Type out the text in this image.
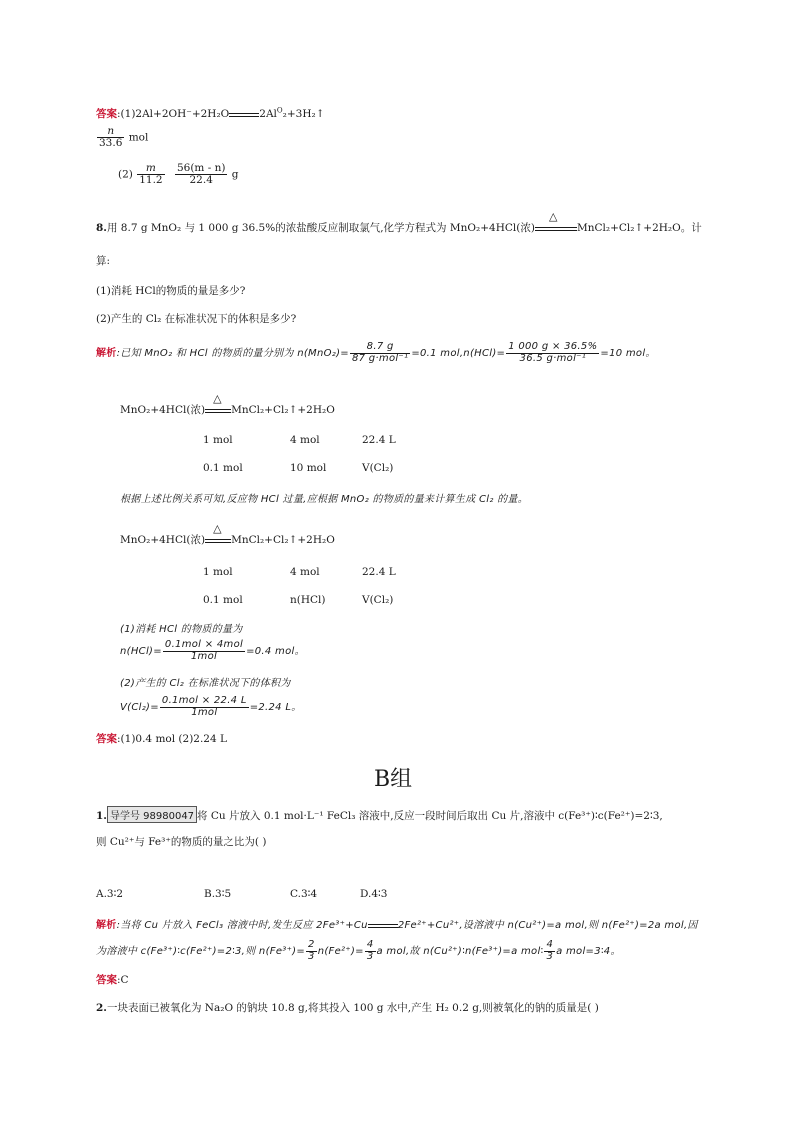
答案:(1)2Al+2OH⁻+2H₂O	$2Al^O_2+3H_2↑$
$\frac{n}{33.6}$ mol
$(2) \frac{m}{11.2}$
$\frac{56(m - n)}{22.4}$ g
8.用 8.7 g MnO₂ 与 1 000 g 36.5%的浓盐酸反应制取氯气,化学方程式为 MnO₂+4HCl(浓)
△
MnCl₂+Cl₂↑+2H₂O。计
算:
(1)消耗 HCl的物质的量是多少?
(2)产生的 Cl₂ 在标准状况下的体积是多少?
解析:已知 MnO₂ 和 HCl 的物质的量分别为 $n(MnO_2)= \frac{8.7 g}{\text{87 g·mol⁻¹}} =0.1$ $mol,n(HCl)= \frac{1 000 g \times 36.5\%}{\text{36.5 g·mol⁻¹}} =10$ mol。
MnO₂+4HCl(浓)
△
MnCl₂+Cl₂↑+2H₂O
1 mol	4 mol	22.4 L
0.1 mol	10 mol	V(Cl₂)
根据上述比例关系可知,反应物 HCl 过量,应根据 MnO₂ 的物质的量来计算生成 Cl₂ 的量。
MnO₂+4HCl(浓)
△
MnCl₂+Cl₂↑+2H₂O
1 mol	4 mol	22.4 L
0.1 mol	n(HCl)	V(Cl₂)
(1)消耗 HCl 的物质的量为
$n(HCl)= \frac{\text{0.1mol × 4mol}}{\text{1mol}} =0.4$ mol。
(2)产生的 Cl₂ 在标准状况下的体积为
$V(Cl_2)= \frac{\text{0.1mol × 22.4 L}}{\text{1mol}} =2.24$ L。
答案:(1)0.4 mol (2)2.24 L
B组
1. 导学号 98980047 将 Cu 片放入 0.1 mol·L⁻¹ FeCl₃ 溶液中,反应一段时间后取出 Cu 片,溶液中 c(Fe³⁺)∶c(Fe²⁺)=2∶3,
则 Cu²⁺与 Fe³⁺的物质的量之比为( )
A.3∶2	B.3∶5	C.3∶4	D.4∶3
解析:当将 Cu 片放入 FeCl₃ 溶液中时,发生反应 2Fe³⁺+Cu	2Fe²⁺+Cu²⁺,设溶液中 n(Cu²⁺)=a mol,则 n(Fe²⁺)=2a mol,因
为溶液中 c(Fe³⁺)∶c(Fe²⁺)=2∶3,则 $n(Fe^{3+})= \frac{2}{3} n(Fe^{2+})= \frac{4}{3}$ a mol,故 n(Cu²⁺)∶n(Fe³⁺)=a mol∶ $\frac{4}{3}$ a mol=3∶4。
答案:C
2.一块表面已被氧化为 Na₂O 的钠块 10.8 g,将其投入 100 g 水中,产生 H₂ 0.2 g,则被氧化的钠的质量是( )
